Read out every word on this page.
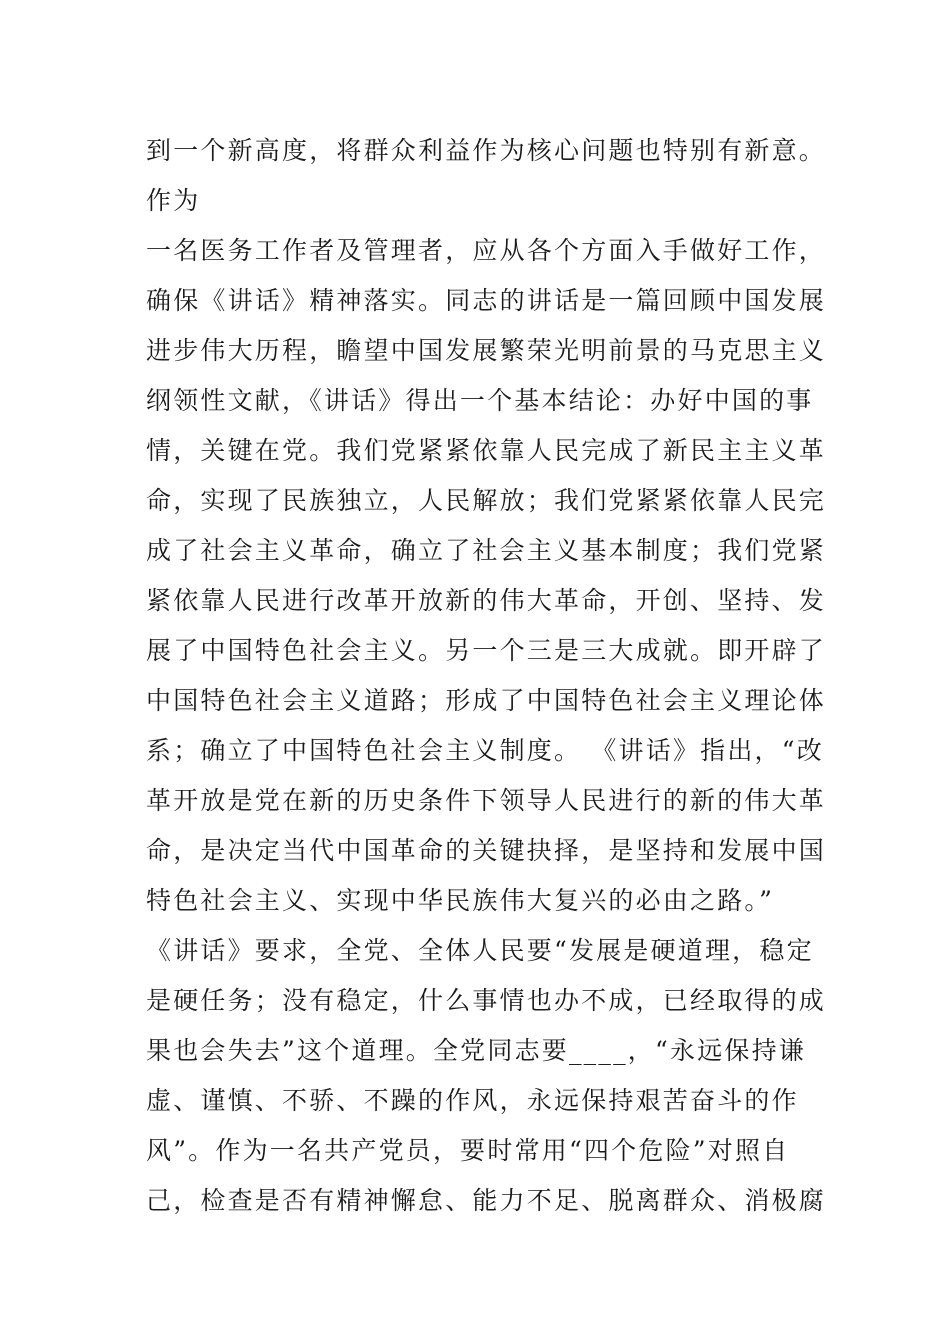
到一个新高度，将群众利益作为核心问题也特别有新意。
作为
一名医务工作者及管理者，应从各个方面入手做好工作，
确保《讲话》精神落实。同志的讲话是一篇回顾中国发展
进步伟大历程，瞻望中国发展繁荣光明前景的马克思主义
纲领性文献，《讲话》得出一个基本结论：办好中国的事
情，关键在党。我们党紧紧依靠人民完成了新民主主义革
命，实现了民族独立，人民解放；我们党紧紧依靠人民完
成了社会主义革命，确立了社会主义基本制度；我们党紧
紧依靠人民进行改革开放新的伟大革命，开创、坚持、发
展了中国特色社会主义。另一个三是三大成就。即开辟了
中国特色社会主义道路；形成了中国特色社会主义理论体
系；确立了中国特色社会主义制度。 《讲话》指出，“改
革开放是党在新的历史条件下领导人民进行的新的伟大革
命，是决定当代中国革命的关键抉择，是坚持和发展中国
特色社会主义、实现中华民族伟大复兴的必由之路。”
《讲话》要求，全党、全体人民要“发展是硬道理，稳定
是硬任务；没有稳定，什么事情也办不成，已经取得的成
果也会失去”这个道理。全党同志要____，“永远保持谦
虚、谨慎、不骄、不躁的作风，永远保持艰苦奋斗的作
风”。作为一名共产党员，要时常用“四个危险”对照自
己，检查是否有精神懈怠、能力不足、脱离群众、消极腐
